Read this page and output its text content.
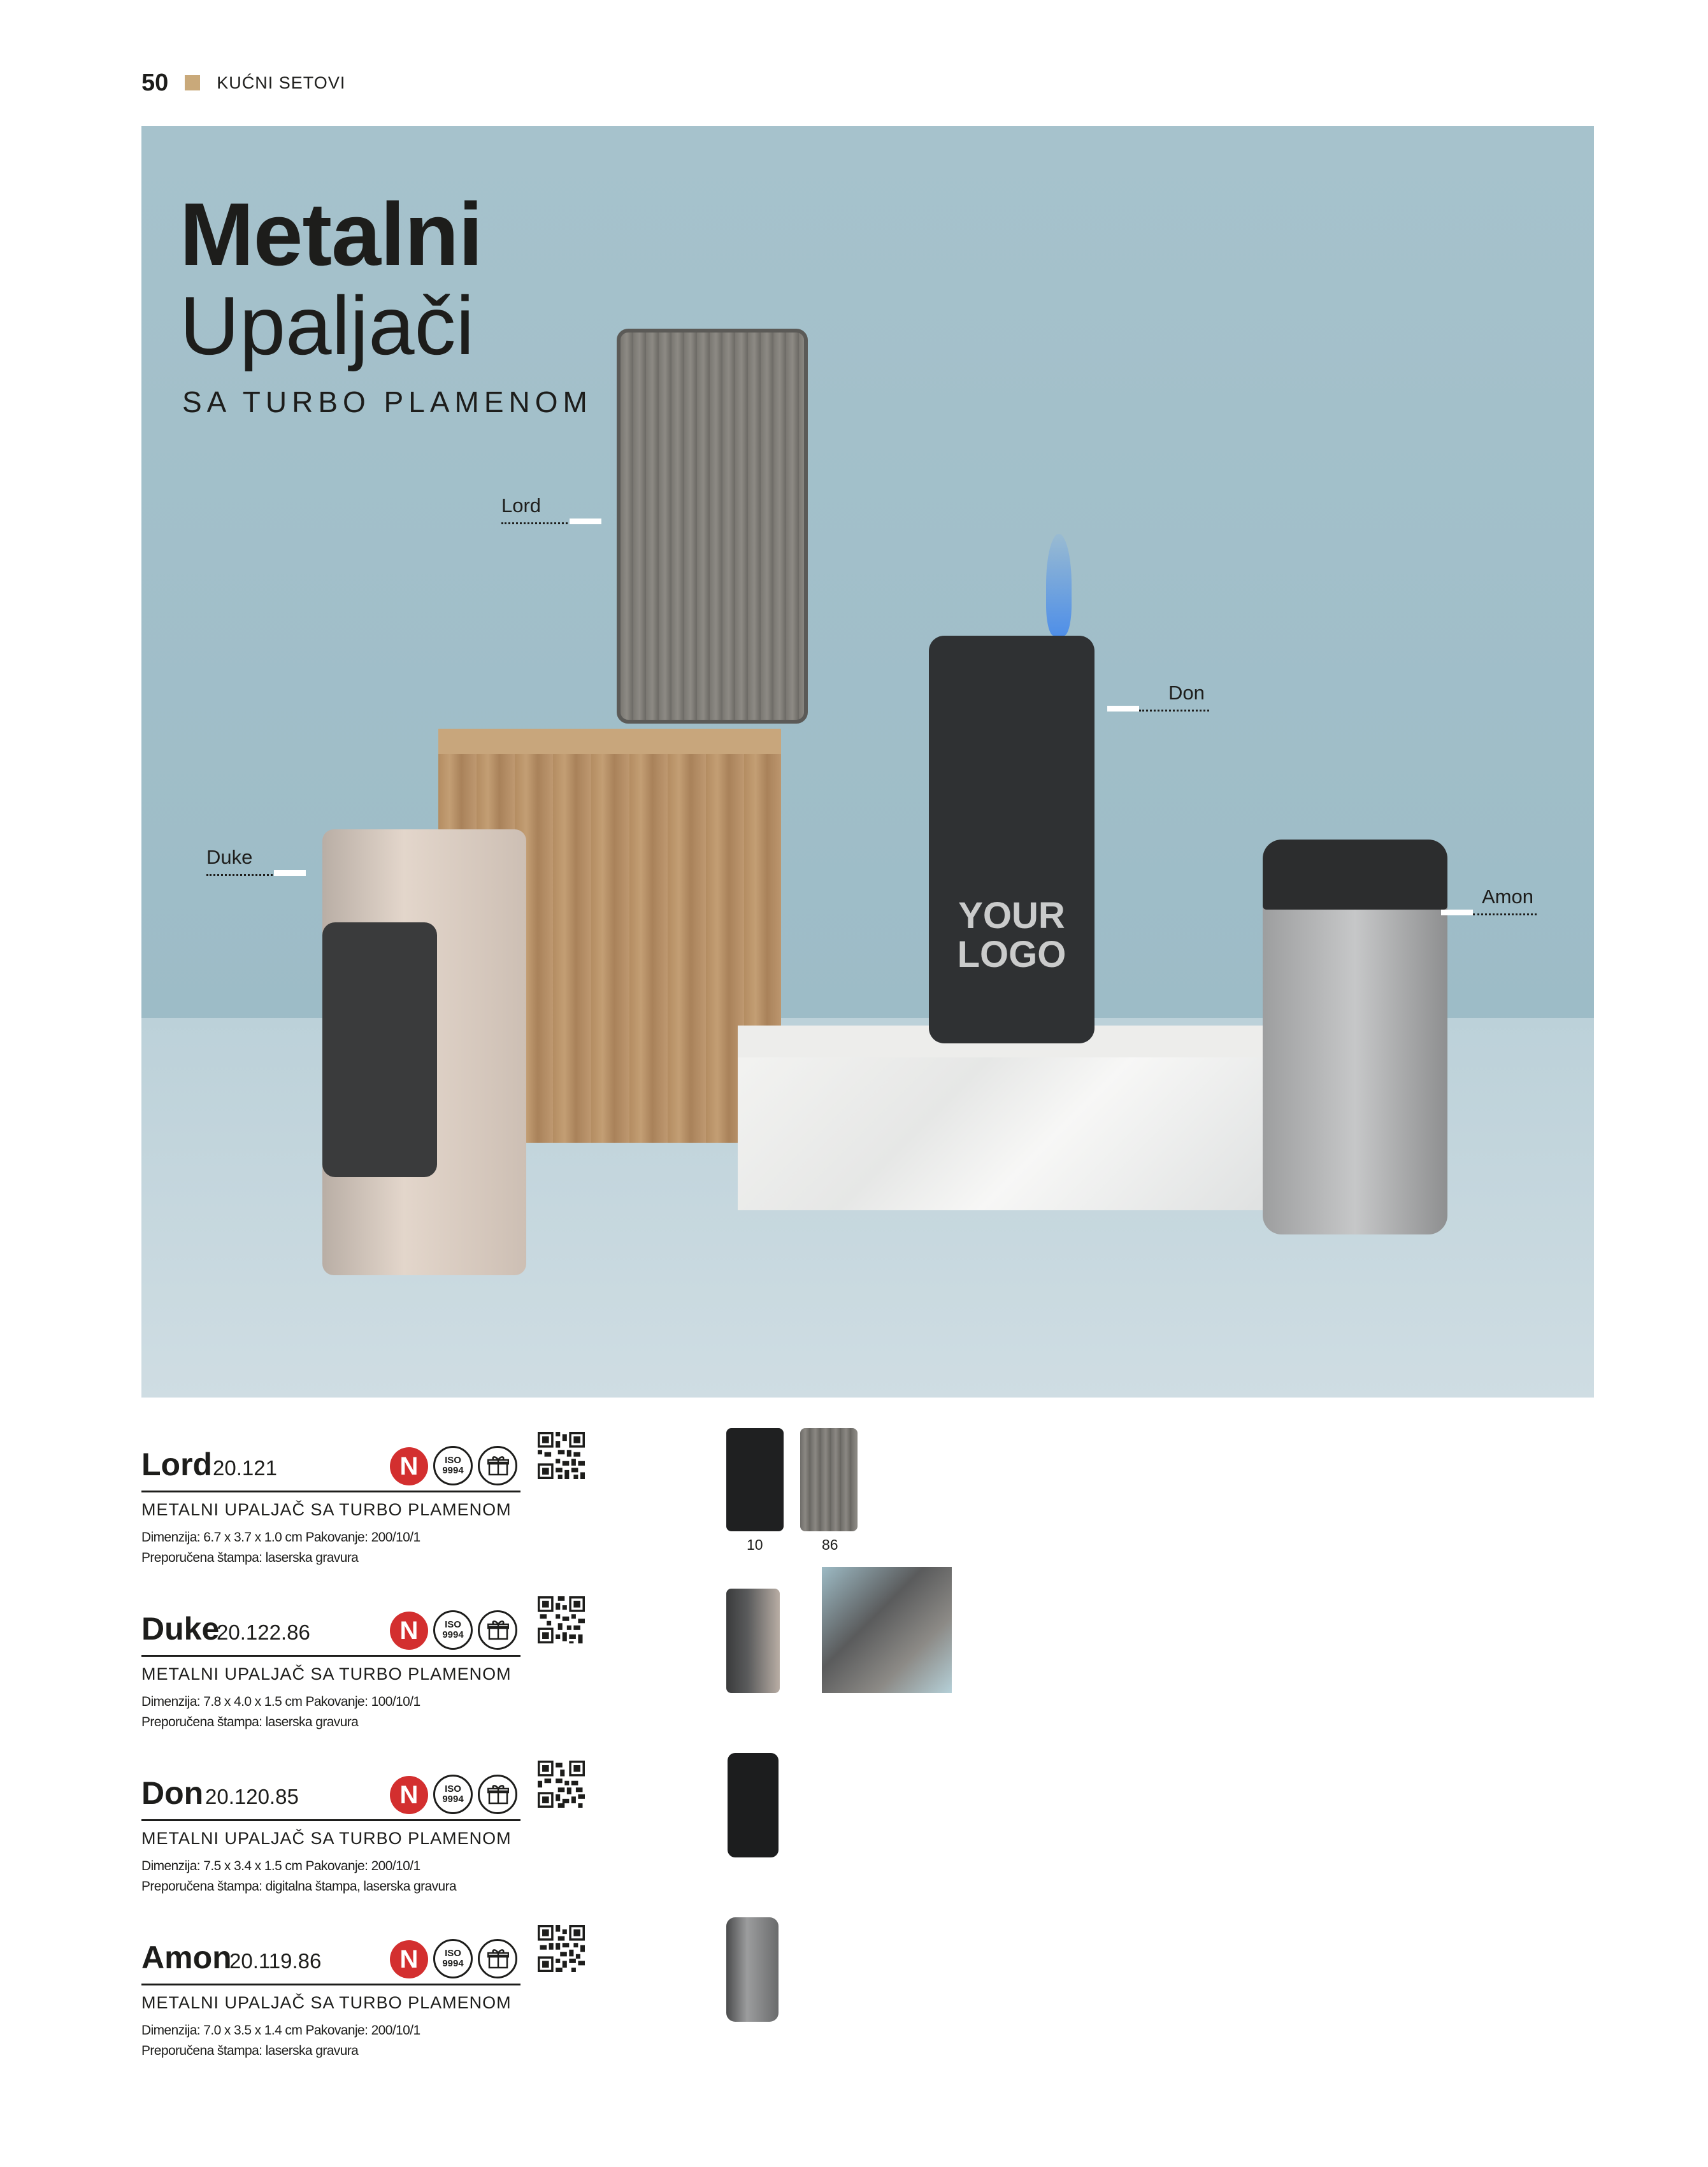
50	KUĆNI SETOVI
YOUR LOGO
Metalni
Upaljači
SA TURBO PLAMENOM
Lord
Don
Duke
Amon
Lord 20.121	N	ISO
9994
METALNI UPALJAČ SA TURBO PLAMENOM
Dimenzija: 6.7 x 3.7 x 1.0 cm Pakovanje: 200/10/1
Preporučena štampa: laserska gravura
Duke
20.122.86	N	ISO
9994
METALNI UPALJAČ SA TURBO PLAMENOM
Dimenzija: 7.8 x 4.0 x 1.5 cm Pakovanje: 100/10/1
Preporučena štampa: laserska gravura
Don 20.120.85	N	ISO
9994
METALNI UPALJAČ SA TURBO PLAMENOM
Dimenzija: 7.5 x 3.4 x 1.5 cm Pakovanje: 200/10/1
Preporučena štampa: digitalna štampa, laserska gravura
Amon
20.119.86	N	ISO
9994
METALNI UPALJAČ SA TURBO PLAMENOM
Dimenzija: 7.0 x 3.5 x 1.4 cm Pakovanje: 200/10/1
Preporučena štampa: laserska gravura
10	86
